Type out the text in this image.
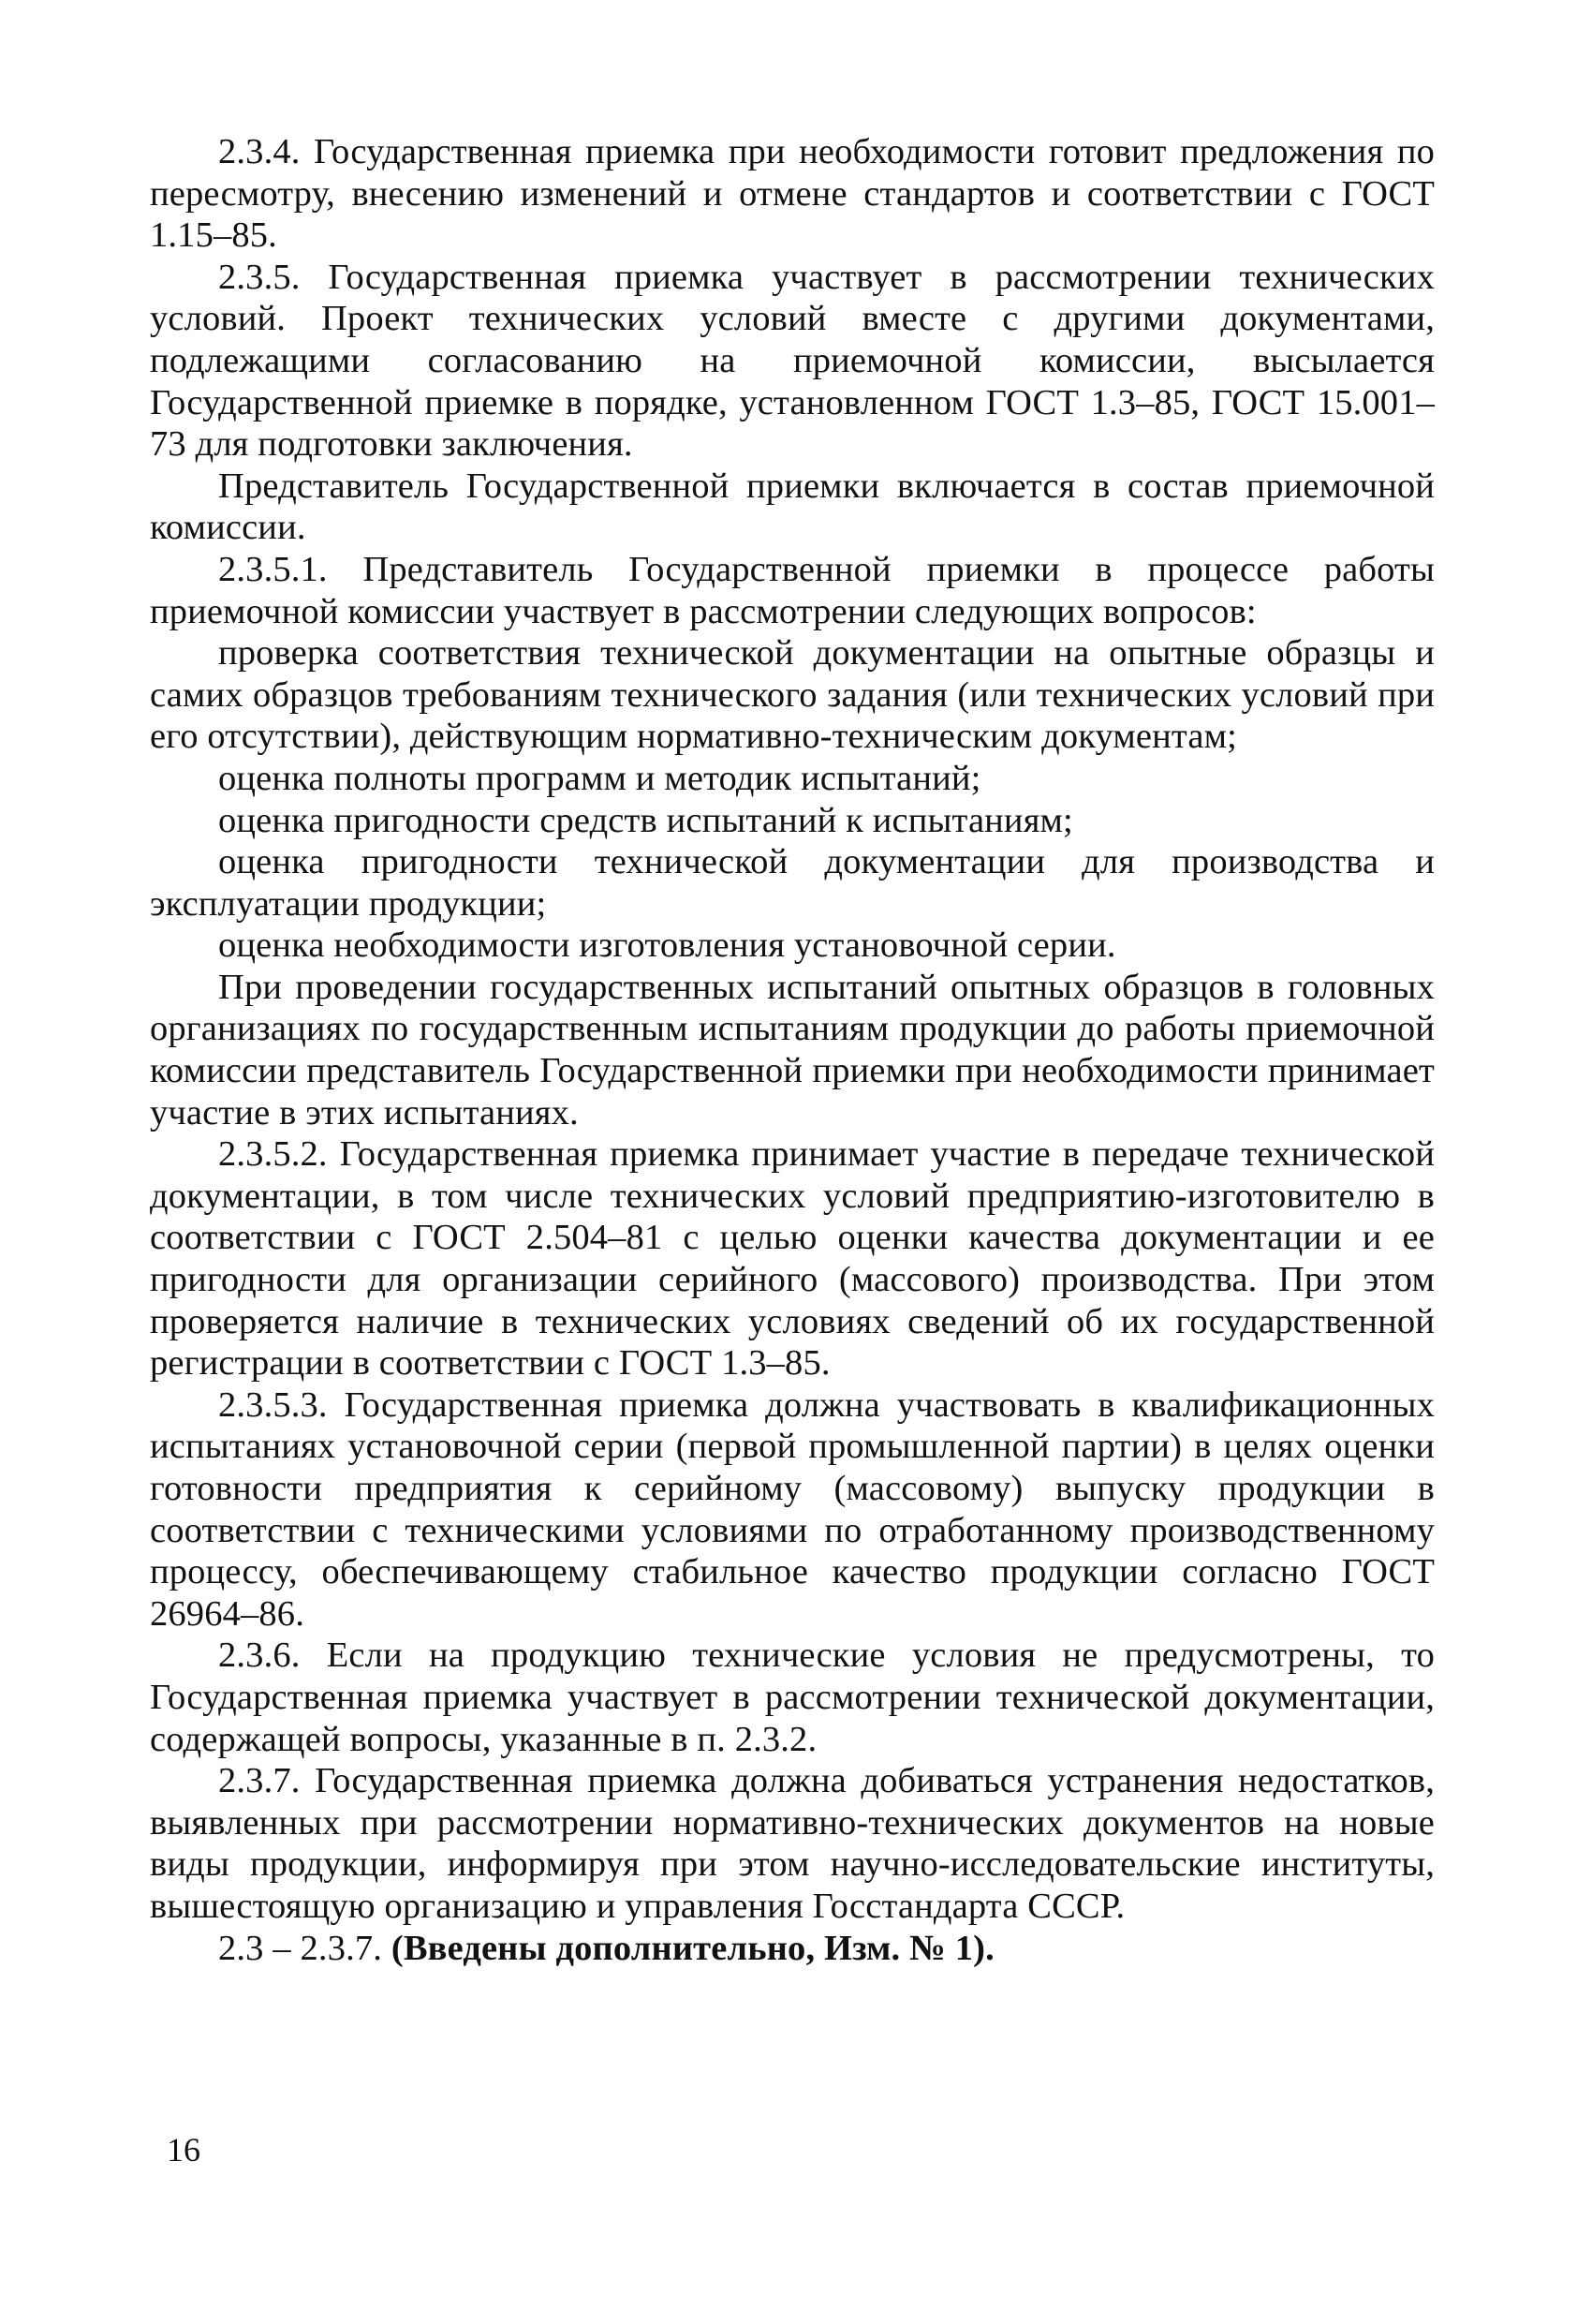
2.3.4. Государственная приемка при необходимости готовит предложения по пересмотру, внесению изменений и отмене стандартов и соответствии с ГОСТ 1.15–85.

2.3.5. Государственная приемка участвует в рассмотрении технических условий. Проект технических условий вместе с другими документами, подлежащими согласованию на приемочной комиссии, высылается Государственной приемке в порядке, установленном ГОСТ 1.3–85, ГОСТ 15.001–73 для подготовки заключения.

Представитель Государственной приемки включается в состав приемочной комиссии.

2.3.5.1. Представитель Государственной приемки в процессе работы приемочной комиссии участвует в рассмотрении следующих вопросов:

проверка соответствия технической документации на опытные образцы и самих образцов требованиям технического задания (или технических условий при его отсутствии), действующим нормативно-техническим документам;

оценка полноты программ и методик испытаний;

оценка пригодности средств испытаний к испытаниям;

оценка пригодности технической документации для производства и эксплуатации продукции;

оценка необходимости изготовления установочной серии.

При проведении государственных испытаний опытных образцов в головных организациях по государственным испытаниям продукции до работы приемочной комиссии представитель Государственной приемки при необходимости принимает участие в этих испытаниях.

2.3.5.2. Государственная приемка принимает участие в передаче технической документации, в том числе технических условий предприятию-изготовителю в соответствии с ГОСТ 2.504–81 с целью оценки качества документации и ее пригодности для организации серийного (массового) производства. При этом проверяется наличие в технических условиях сведений об их государственной регистрации в соответствии с ГОСТ 1.3–85.

2.3.5.3. Государственная приемка должна участвовать в квалификационных испытаниях установочной серии (первой промышленной партии) в целях оценки готовности предприятия к серийному (массовому) выпуску продукции в соответствии с техническими условиями по отработанному производственному процессу, обеспечивающему стабильное качество продукции согласно ГОСТ 26964–86.

2.3.6. Если на продукцию технические условия не предусмотрены, то Государственная приемка участвует в рассмотрении технической документации, содержащей вопросы, указанные в п. 2.3.2.

2.3.7. Государственная приемка должна добиваться устранения недостатков, выявленных при рассмотрении нормативно-технических документов на новые виды продукции, информируя при этом научно-исследовательские институты, вышестоящую организацию и управления Госстандарта СССР.

2.3 – 2.3.7. (Введены дополнительно, Изм. № 1).

16
